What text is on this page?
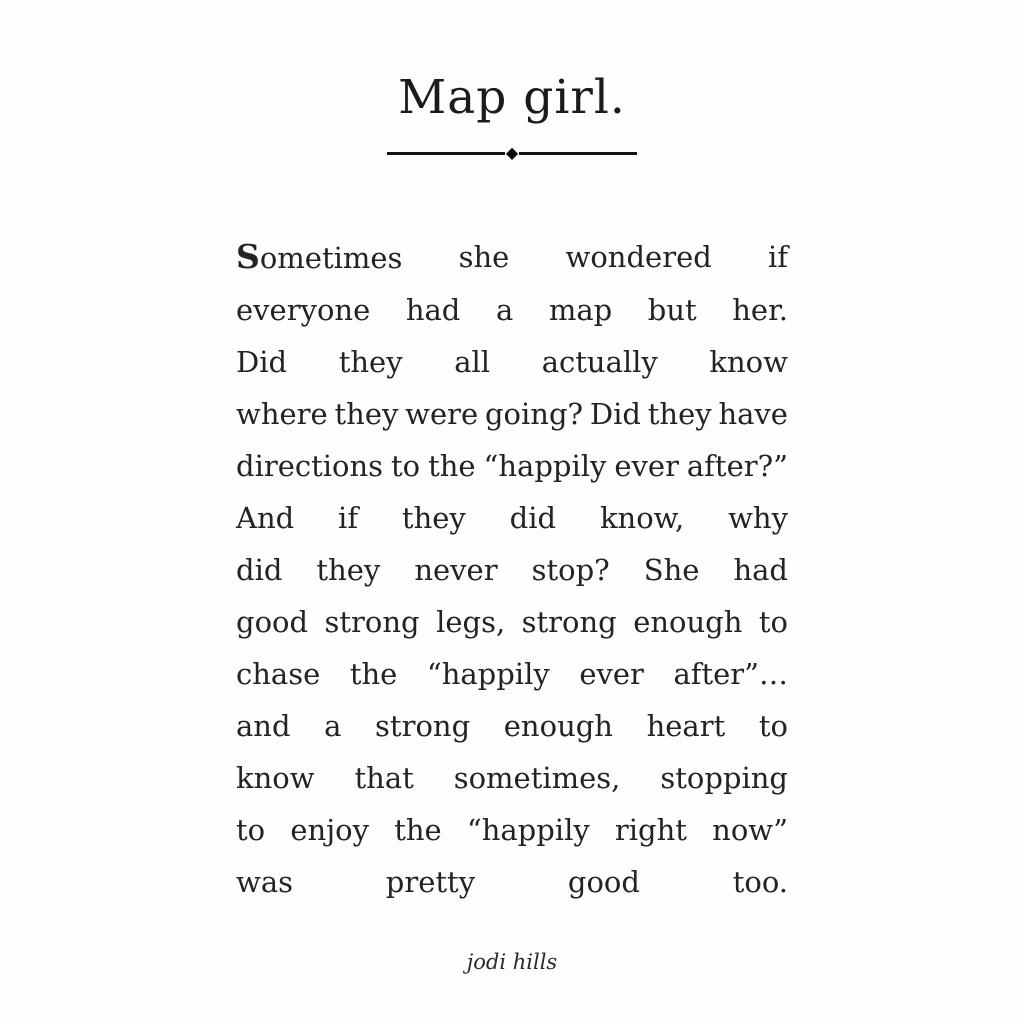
Map girl.
◆
Sometimes she wondered if
everyone had a map but her.
Did they all actually know
where they were going? Did they have
directions to the “happily ever after?”
And if they did know, why
did they never stop? She had
good strong legs, strong enough to
chase the “happily ever after”…
and a strong enough heart to
know that sometimes, stopping
to enjoy the “happily right now”
was	pretty	good	too.
jodi hills
